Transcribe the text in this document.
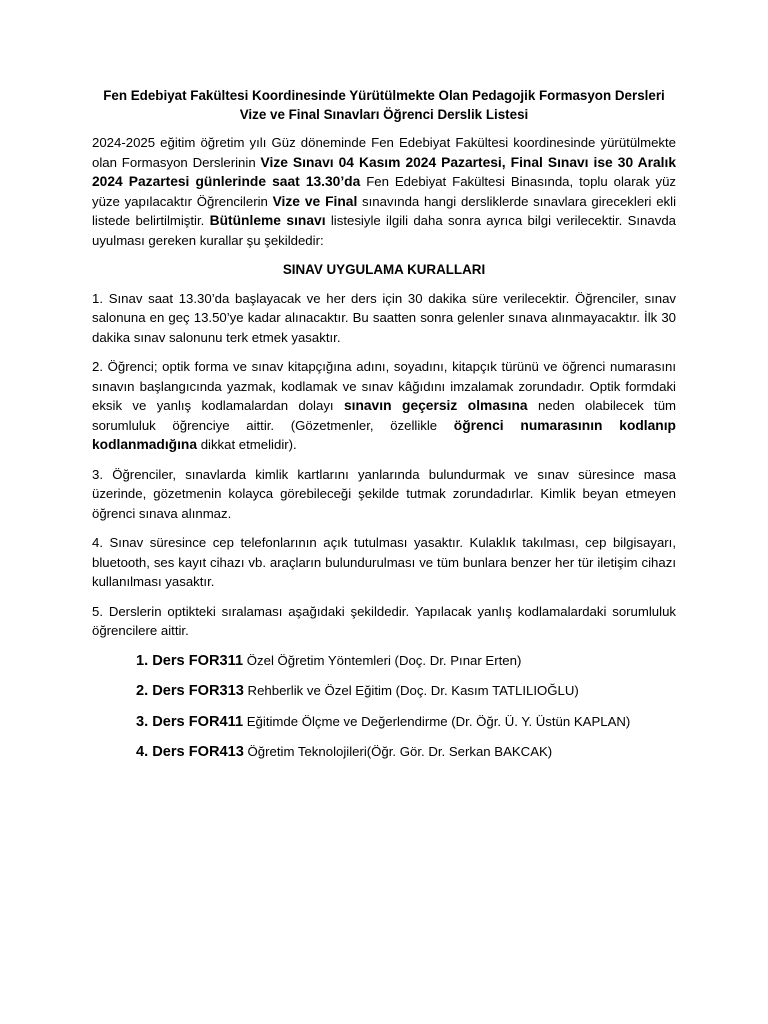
Fen Edebiyat Fakültesi Koordinesinde Yürütülmekte Olan Pedagojik Formasyon Dersleri
Vize ve Final Sınavları Öğrenci Derslik Listesi

2024-2025 eğitim öğretim yılı Güz döneminde Fen Edebiyat Fakültesi koordinesinde yürütülmekte olan Formasyon Derslerinin Vize Sınavı 04 Kasım 2024 Pazartesi, Final Sınavı ise 30 Aralık 2024 Pazartesi günlerinde saat 13.30’da Fen Edebiyat Fakültesi Binasında, toplu olarak yüz yüze yapılacaktır Öğrencilerin Vize ve Final sınavında hangi dersliklerde sınavlara girecekleri ekli listede belirtilmiştir. Bütünleme sınavı listesiyle ilgili daha sonra ayrıca bilgi verilecektir. Sınavda uyulması gereken kurallar şu şekildedir:

SINAV UYGULAMA KURALLARI

1. Sınav saat 13.30’da başlayacak ve her ders için 30 dakika süre verilecektir. Öğrenciler, sınav salonuna en geç 13.50’ye kadar alınacaktır. Bu saatten sonra gelenler sınava alınmayacaktır. İlk 30 dakika sınav salonunu terk etmek yasaktır.

2. Öğrenci; optik forma ve sınav kitapçığına adını, soyadını, kitapçık türünü ve öğrenci numarasını sınavın başlangıcında yazmak, kodlamak ve sınav kâğıdını imzalamak zorundadır. Optik formdaki eksik ve yanlış kodlamalardan dolayı sınavın geçersiz olmasına neden olabilecek tüm sorumluluk öğrenciye aittir. (Gözetmenler, özellikle öğrenci numarasının kodlanıp kodlanmadığına dikkat etmelidir).

3. Öğrenciler, sınavlarda kimlik kartlarını yanlarında bulundurmak ve sınav süresince masa üzerinde, gözetmenin kolayca görebileceği şekilde tutmak zorundadırlar. Kimlik beyan etmeyen öğrenci sınava alınmaz.

4. Sınav süresince cep telefonlarının açık tutulması yasaktır. Kulaklık takılması, cep bilgisayarı, bluetooth, ses kayıt cihazı vb. araçların bulundurulması ve tüm bunlara benzer her tür iletişim cihazı kullanılması yasaktır.

5. Derslerin optikteki sıralaması aşağıdaki şekildedir. Yapılacak yanlış kodlamalardaki sorumluluk öğrencilere aittir.

1. Ders FOR311 Özel Öğretim Yöntemleri (Doç. Dr. Pınar Erten)
2. Ders FOR313 Rehberlik ve Özel Eğitim (Doç. Dr. Kasım TATLILIOĞLU)
3. Ders FOR411 Eğitimde Ölçme ve Değerlendirme (Dr. Öğr. Ü. Y. Üstün KAPLAN)
4. Ders FOR413 Öğretim Teknolojileri(Öğr. Gör. Dr. Serkan BAKCAK)
